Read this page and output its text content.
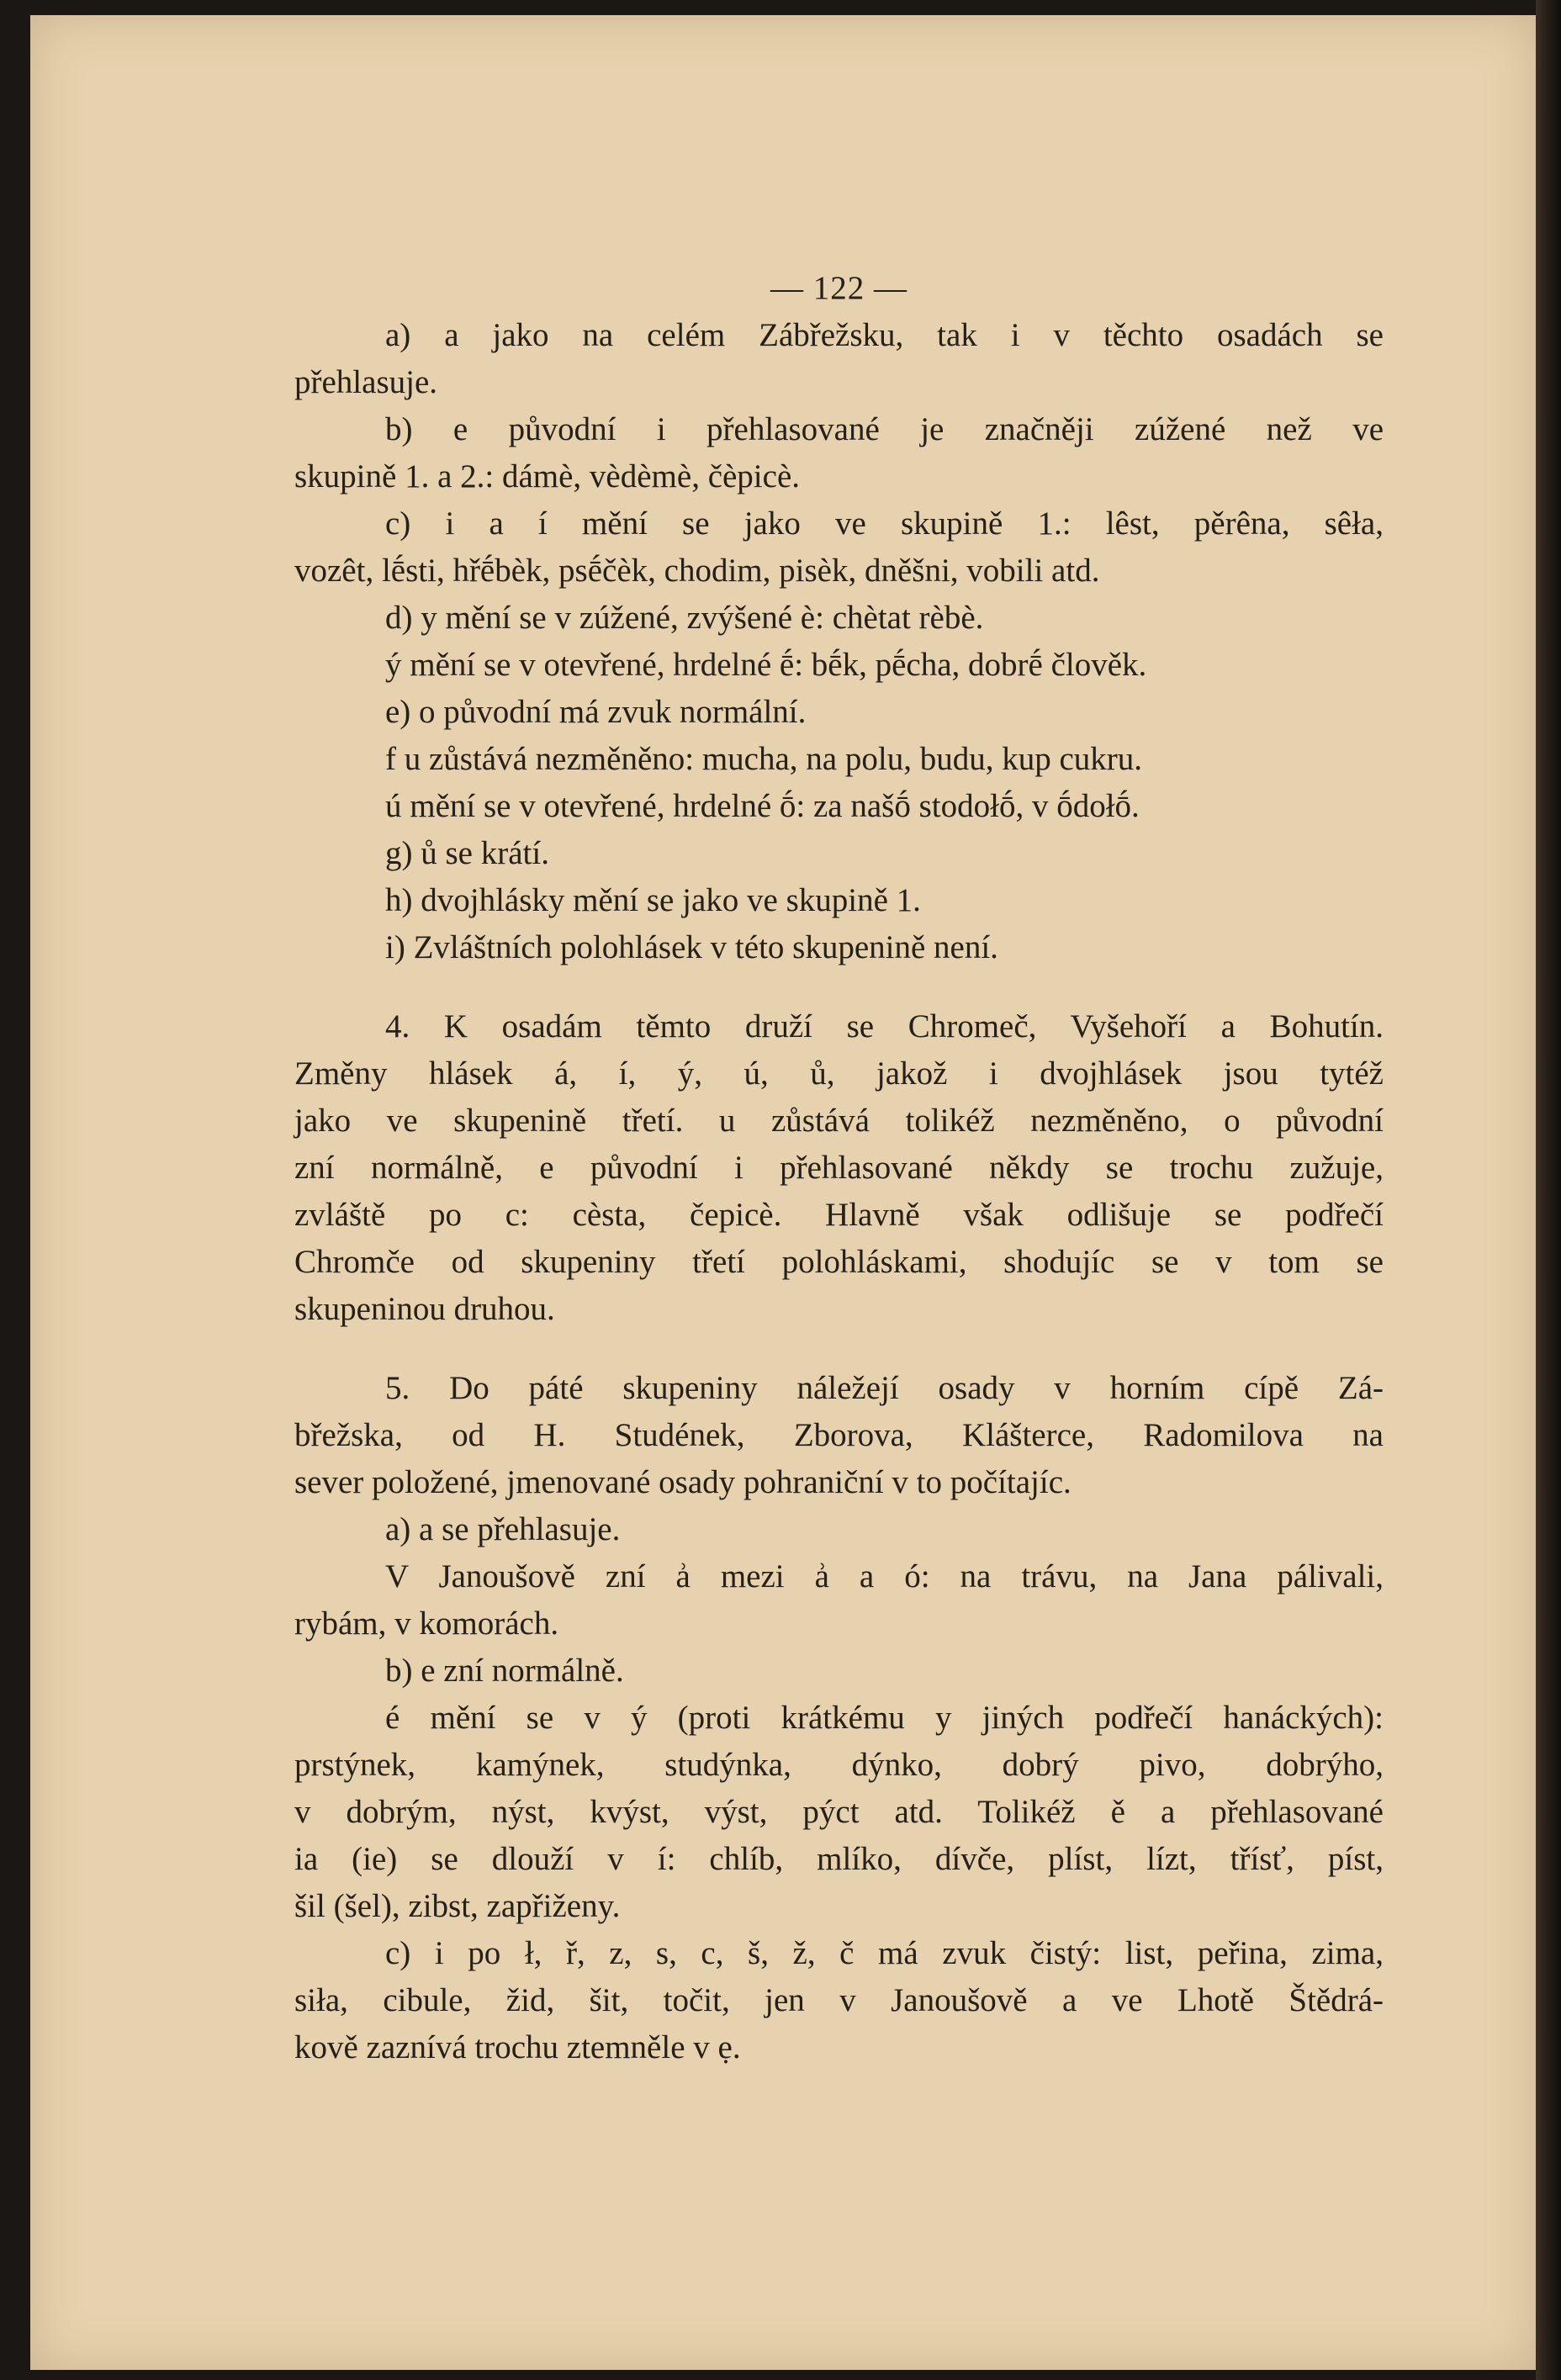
— 122 —
a) a jako na celém Zábřežsku, tak i v těchto osadách se
přehlasuje.
b) e původní i přehlasované je značněji zúžené než ve
skupině 1. a 2.: dámè, vèdèmè, čèpicè.
c) i a í mění se jako ve skupině 1.: lêst, pěrêna, sêła,
vozêt, lḗsti, hřḗbèk, psḗčèk, chodim, pisèk, dněšni, vobili atd.
d) y mění se v zúžené, zvýšené è: chètat rèbè.
ý mění se v otevřené, hrdelné ḗ: bḗk, pḗcha, dobrḗ člověk.
e) o původní má zvuk normální.
f u zůstává nezměněno: mucha, na polu, budu, kup cukru.
ú mění se v otevřené, hrdelné ṓ: za našṓ stodołṓ, v ṓdołṓ.
g) ů se krátí.
h) dvojhlásky mění se jako ve skupině 1.
i) Zvláštních polohlásek v této skupenině není.
4. K osadám těmto druží se Chromeč, Vyšehoří a Bohutín.
Změny hlásek á, í, ý, ú, ů, jakož i dvojhlásek jsou tytéž
jako ve skupenině třetí. u zůstává tolikéž nezměněno, o původní
zní normálně, e původní i přehlasované někdy se trochu zužuje,
zvláště po c: cèsta, čepicè. Hlavně však odlišuje se podřečí
Chromče od skupeniny třetí polohláskami, shodujíc se v tom se
skupeninou druhou.
5. Do páté skupeniny náležejí osady v horním cípě Zá-
břežska, od H. Studének, Zborova, Klášterce, Radomilova na
sever položené, jmenované osady pohraniční v to počítajíc.
a) a se přehlasuje.
V Janoušově zní ẚ mezi ẚ a ó: na trávu, na Jana pálivali,
rybám, v komorách.
b) e zní normálně.
é mění se v ý (proti krátkému y jiných podřečí hanáckých):
prstýnek, kamýnek, studýnka, dýnko, dobrý pivo, dobrýho,
v dobrým, nýst, kvýst, výst, pýct atd. Tolikéž ě a přehlasované
ia (ie) se dlouží v í: chlíb, mlíko, dívče, plíst, lízt, třísť, píst,
šil (šel), zibst, zapřiženy.
c) i po ł, ř, z, s, c, š, ž, č má zvuk čistý: list, peřina, zima,
siła, cibule, žid, šit, točit, jen v Janoušově a ve Lhotě Štědrá-
kově zaznívá trochu ztemněle v ẹ.
